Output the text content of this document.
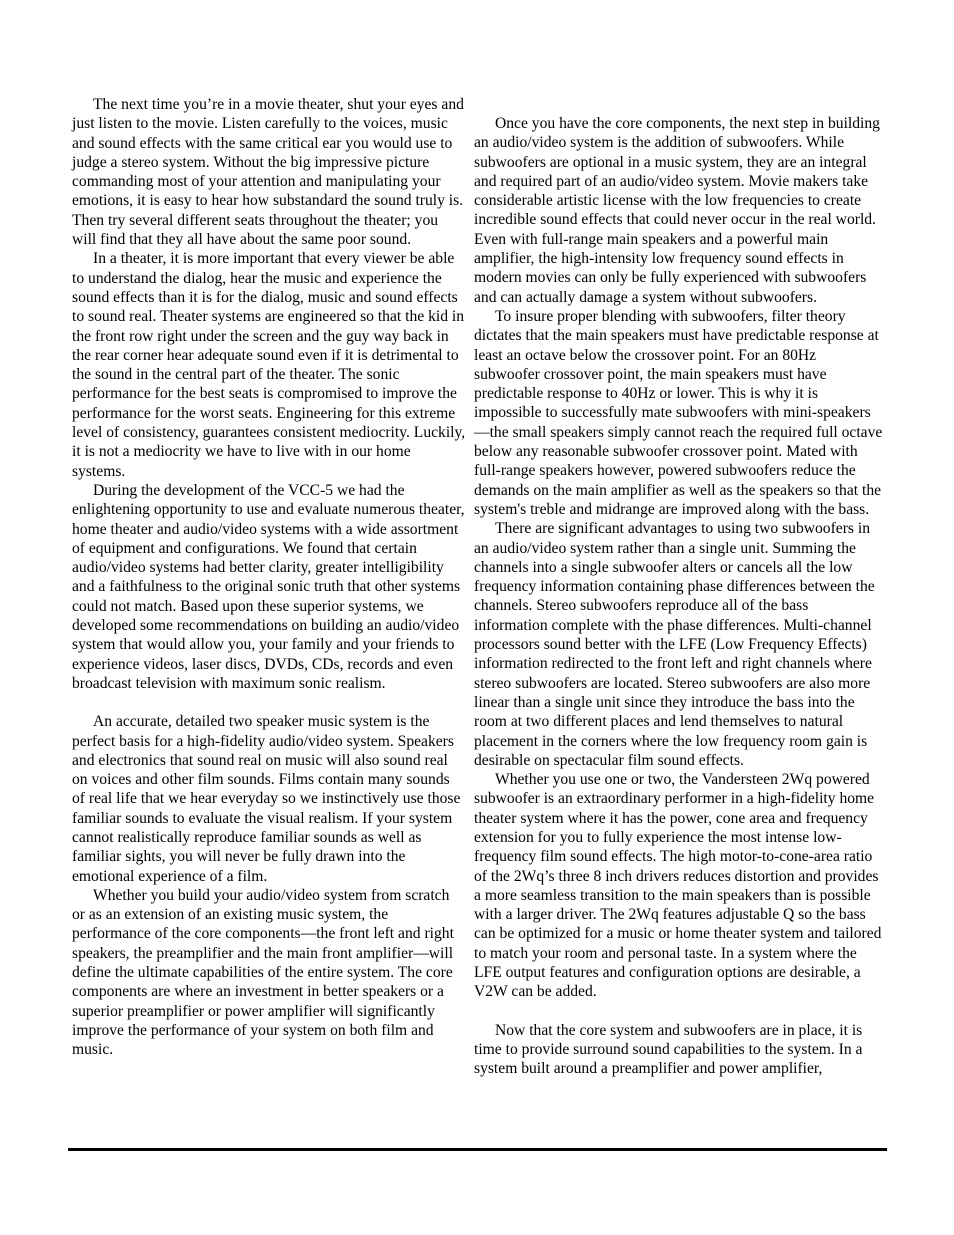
The next time you’re in a movie theater, shut your eyes and just listen to the movie. Listen carefully to the voices, music and sound effects with the same critical ear you would use to judge a stereo system. Without the big impressive picture commanding most of your attention and manipulating your emotions, it is easy to hear how substandard the sound truly is. Then try several different seats throughout the theater; you will find that they all have about the same poor sound.

In a theater, it is more important that every viewer be able to understand the dialog, hear the music and experience the sound effects than it is for the dialog, music and sound effects to sound real. Theater systems are engineered so that the kid in the front row right under the screen and the guy way back in the rear corner hear adequate sound even if it is detrimental to the sound in the central part of the theater. The sonic performance for the best seats is compromised to improve the performance for the worst seats. Engineering for this extreme level of consistency, guarantees consistent mediocrity. Luckily, it is not a mediocrity we have to live with in our home systems.

During the development of the VCC-5 we had the enlightening opportunity to use and evaluate numerous theater, home theater and audio/video systems with a wide assortment of equipment and configurations. We found that certain audio/video systems had better clarity, greater intelligibility and a faithfulness to the original sonic truth that other systems could not match. Based upon these superior systems, we developed some recommendations on building an audio/video system that would allow you, your family and your friends to experience videos, laser discs, DVDs, CDs, records and even broadcast television with maximum sonic realism.

An accurate, detailed two speaker music system is the perfect basis for a high-fidelity audio/video system. Speakers and electronics that sound real on music will also sound real on voices and other film sounds. Films contain many sounds of real life that we hear everyday so we instinctively use those familiar sounds to evaluate the visual realism. If your system cannot realistically reproduce familiar sounds as well as familiar sights, you will never be fully drawn into the emotional experience of a film.

Whether you build your audio/video system from scratch or as an extension of an existing music system, the performance of the core components—the front left and right speakers, the preamplifier and the main front amplifier—will define the ultimate capabilities of the entire system. The core components are where an investment in better speakers or a superior preamplifier or power amplifier will significantly improve the performance of your system on both film and music.

Once you have the core components, the next step in building an audio/video system is the addition of subwoofers. While subwoofers are optional in a music system, they are an integral and required part of an audio/video system. Movie makers take considerable artistic license with the low frequencies to create incredible sound effects that could never occur in the real world. Even with full-range main speakers and a powerful main amplifier, the high-intensity low frequency sound effects in modern movies can only be fully experienced with subwoofers and can actually damage a system without subwoofers.

To insure proper blending with subwoofers, filter theory dictates that the main speakers must have predictable response at least an octave below the crossover point. For an 80Hz subwoofer crossover point, the main speakers must have predictable response to 40Hz or lower. This is why it is impossible to successfully mate subwoofers with mini-speakers—the small speakers simply cannot reach the required full octave below any reasonable subwoofer crossover point. Mated with full-range speakers however, powered subwoofers reduce the demands on the main amplifier as well as the speakers so that the system's treble and midrange are improved along with the bass.

There are significant advantages to using two subwoofers in an audio/video system rather than a single unit. Summing the channels into a single subwoofer alters or cancels all the low frequency information containing phase differences between the channels. Stereo subwoofers reproduce all of the bass information complete with the phase differences. Multi-channel processors sound better with the LFE (Low Frequency Effects) information redirected to the front left and right channels where stereo subwoofers are located. Stereo subwoofers are also more linear than a single unit since they introduce the bass into the room at two different places and lend themselves to natural placement in the corners where the low frequency room gain is desirable on spectacular film sound effects.

Whether you use one or two, the Vandersteen 2Wq powered subwoofer is an extraordinary performer in a high-fidelity home theater system where it has the power, cone area and frequency extension for you to fully experience the most intense low-frequency film sound effects. The high motor-to-cone-area ratio of the 2Wq’s three 8 inch drivers reduces distortion and provides a more seamless transition to the main speakers than is possible with a larger driver. The 2Wq features adjustable Q so the bass can be optimized for a music or home theater system and tailored to match your room and personal taste. In a system where the LFE output features and configuration options are desirable, a V2W can be added.

Now that the core system and subwoofers are in place, it is time to provide surround sound capabilities to the system. In a system built around a preamplifier and power amplifier,
